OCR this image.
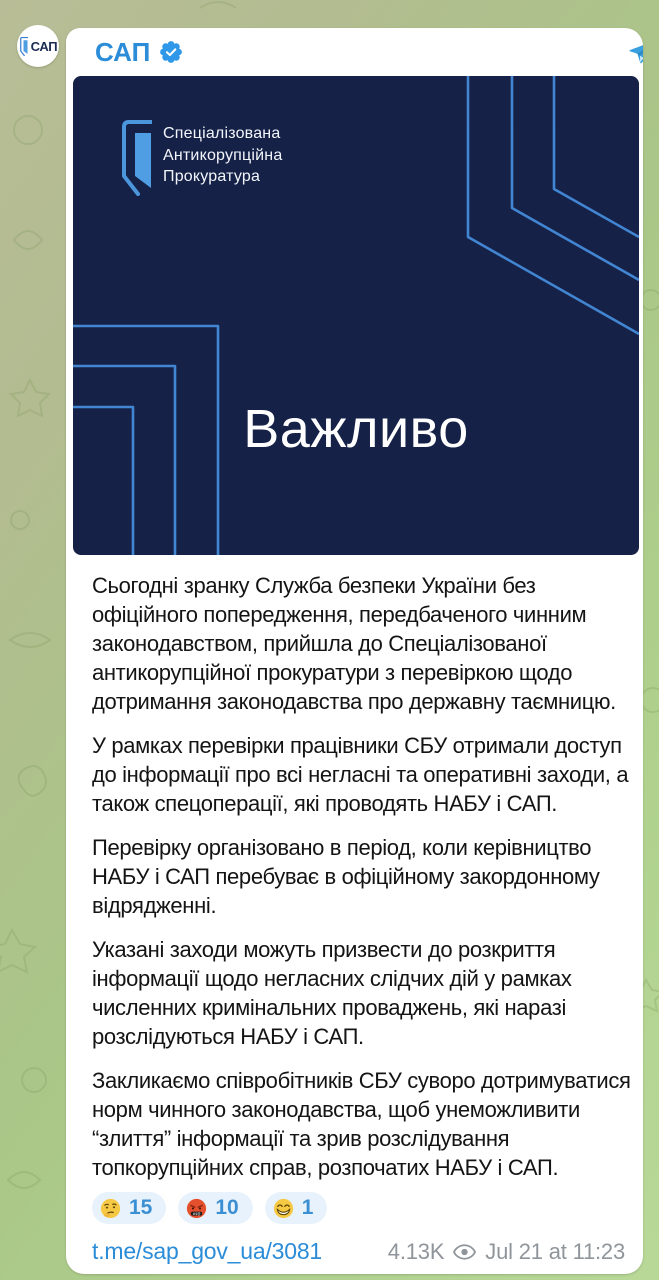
САП САП
Спеціалізована
Антикорупційна
Прокуратура
Важливо
Сьогодні зранку Служба безпеки України без
офіційного попередження, передбаченого чинним
законодавством, прийшла до Спеціалізованої
антикорупційної прокуратури з перевіркою щодо
дотримання законодавства про державну таємницю.
У рамках перевірки працівники СБУ отримали доступ
до інформації про всі негласні та оперативні заходи, а
також спецоперації, які проводять НАБУ і САП.
Перевірку організовано в період, коли керівництво
НАБУ і САП перебуває в офіційному закордонному
відрядженні.
Указані заходи можуть призвести до розкриття
інформації щодо негласних слідчих дій у рамках
численних кримінальних проваджень, які наразі
розслідуються НАБУ і САП.
Закликаємо співробітників СБУ суворо дотримуватися
норм чинного законодавства, щоб унеможливити
“злиття” інформації та зрив розслідування
топкорупційних справ, розпочатих НАБУ і САП.
15	#$@ 10	1
t.me/sap_gov_ua/3081	4.13K Jul 21 at 11:23
